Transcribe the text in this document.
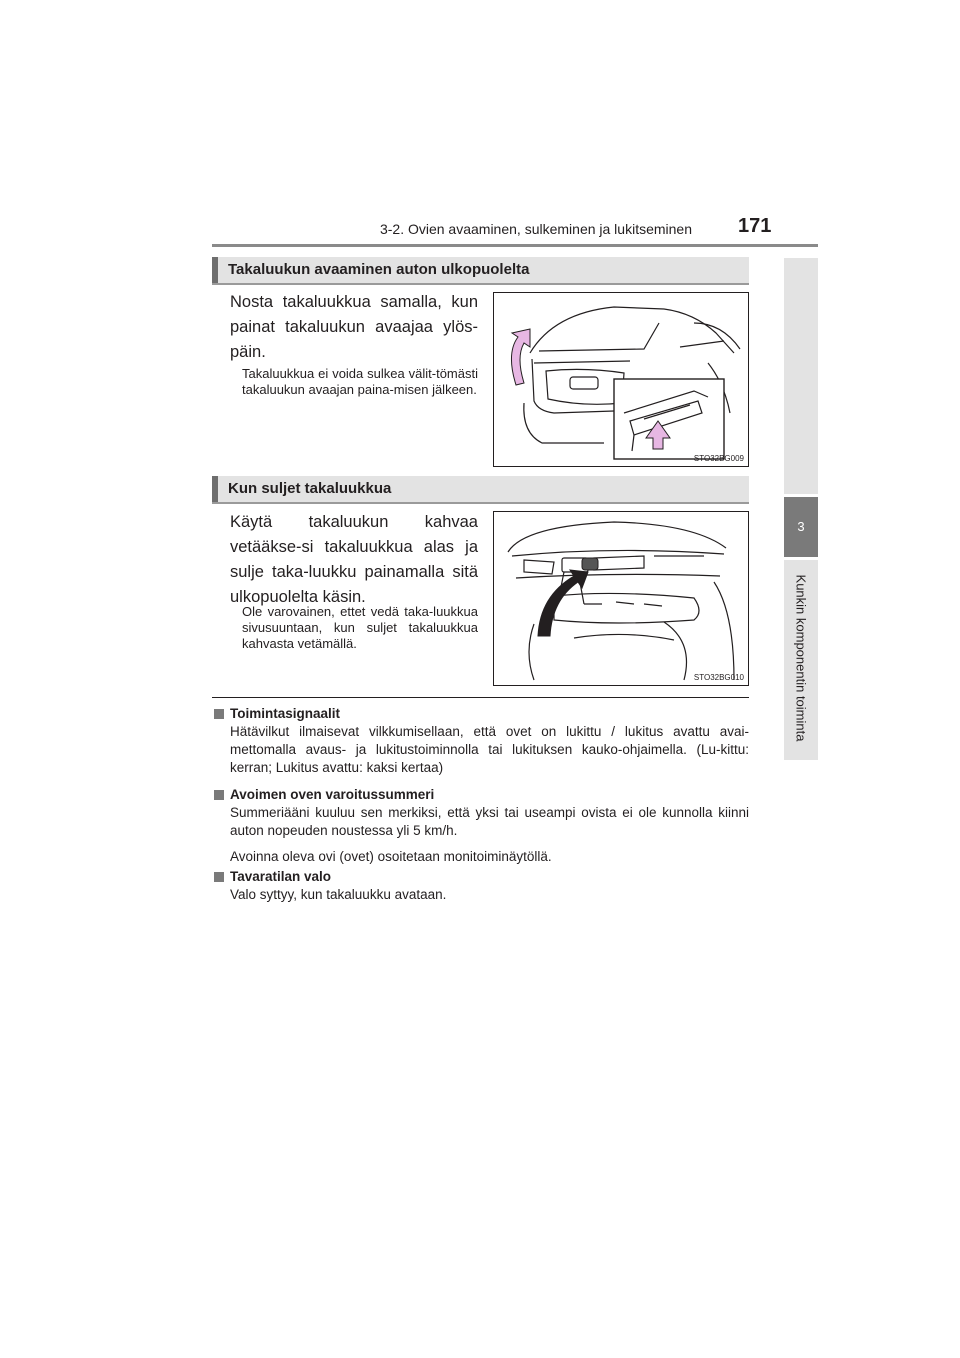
3-2. Ovien avaaminen, sulkeminen ja lukitseminen 171
3
Kunkin komponentin toiminta
Takaluukun avaaminen auton ulkopuolelta
Nosta takaluukkua samalla, kun painat takaluukun avaajaa ylös-päin.
Takaluukkua ei voida sulkea välit-tömästi takaluukun avaajan paina-misen jälkeen.
STO32BG009
Kun suljet takaluukkua
Käytä takaluukun kahvaa vetääkse-si takaluukkua alas ja sulje taka-luukku painamalla sitä ulkopuolelta käsin.
Ole varovainen, ettet vedä taka-luukkua sivusuuntaan, kun suljet takaluukkua kahvasta vetämällä.
STO32BG010
Toimintasignaalit
Hätävilkut ilmaisevat vilkkumisellaan, että ovet on lukittu / lukitus avattu avai-mettomalla avaus- ja lukitustoiminnolla tai lukituksen kauko-ohjaimella. (Lu-kittu: kerran; Lukitus avattu: kaksi kertaa)
Avoimen oven varoitussummeri
Summeriääni kuuluu sen merkiksi, että yksi tai useampi ovista ei ole kunnolla kiinni auton nopeuden noustessa yli 5 km/h.
Avoinna oleva ovi (ovet) osoitetaan monitoiminäytöllä.
Tavaratilan valo
Valo syttyy, kun takaluukku avataan.
